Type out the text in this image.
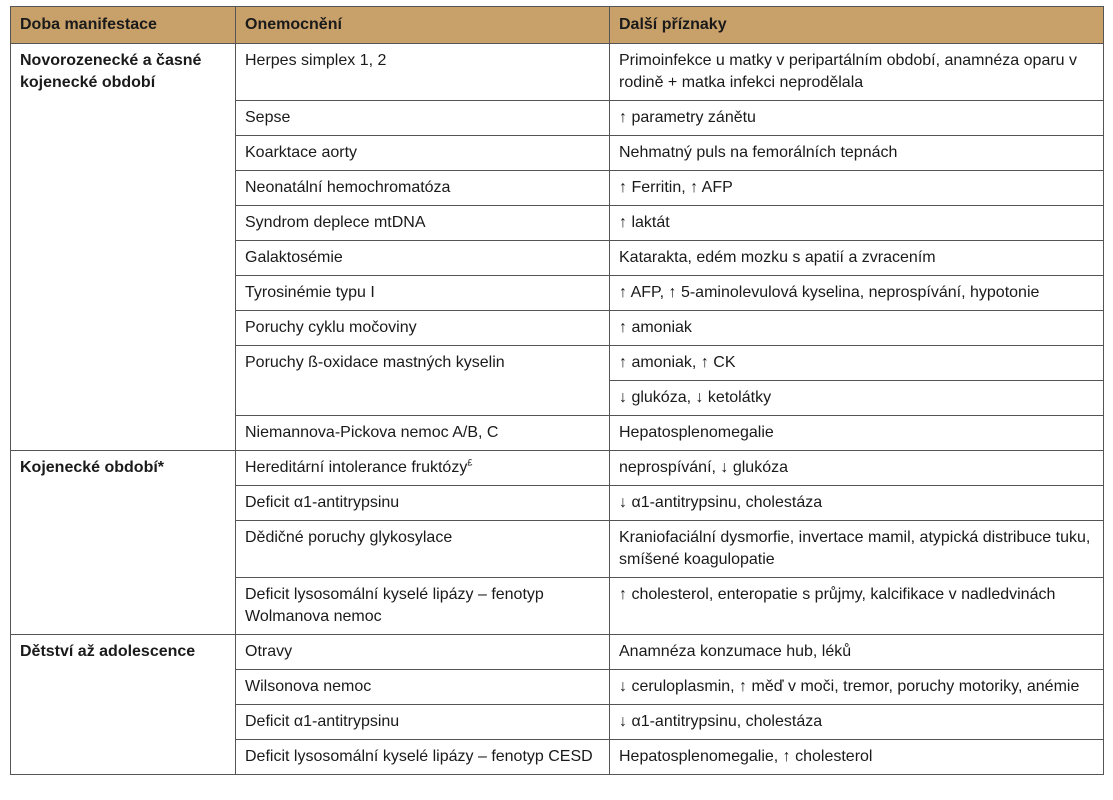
Doba manifestace	Onemocnění	Další příznaky
Novorozenecké a časné kojenecké období	Herpes simplex 1, 2	Primoinfekce u matky v peripartálním období, anamnéza oparu v rodině + matka infekci neprodělala
	Sepse	↑ parametry zánětu
	Koarktace aorty	Nehmatný puls na femorálních tepnách
	Neonatální hemochromatóza	↑ Ferritin, ↑ AFP
	Syndrom deplece mtDNA	↑ laktát
	Galaktosémie	Katarakta, edém mozku s apatií a zvracením
	Tyrosinémie typu I	↑ AFP, ↑ 5-aminolevulová kyselina, neprospívání, hypotonie
	Poruchy cyklu močoviny	↑ amoniak
	Poruchy ß-oxidace mastných kyselin	↑ amoniak, ↑ CK
		↓ glukóza, ↓ ketolátky
	Niemannova-Pickova nemoc A/B, C	Hepatosplenomegalie
Kojenecké období*	Hereditární intolerance fruktózy£	neprospívání, ↓ glukóza
	Deficit α1-antitrypsinu	↓ α1-antitrypsinu, cholestáza
	Dědičné poruchy glykosylace	Kraniofaciální dysmorfie, invertace mamil, atypická distribuce tuku, smíšené koagulopatie
	Deficit lysosomální kyselé lipázy – fenotyp Wolmanova nemoc	↑ cholesterol, enteropatie s průjmy, kalcifikace v nadledvinách
Dětství až adolescence	Otravy	Anamnéza konzumace hub, léků
	Wilsonova nemoc	↓ ceruloplasmin, ↑ měď v moči, tremor, poruchy motoriky, anémie
	Deficit α1-antitrypsinu	↓ α1-antitrypsinu, cholestáza
	Deficit lysosomální kyselé lipázy – fenotyp CESD	Hepatosplenomegalie, ↑ cholesterol
